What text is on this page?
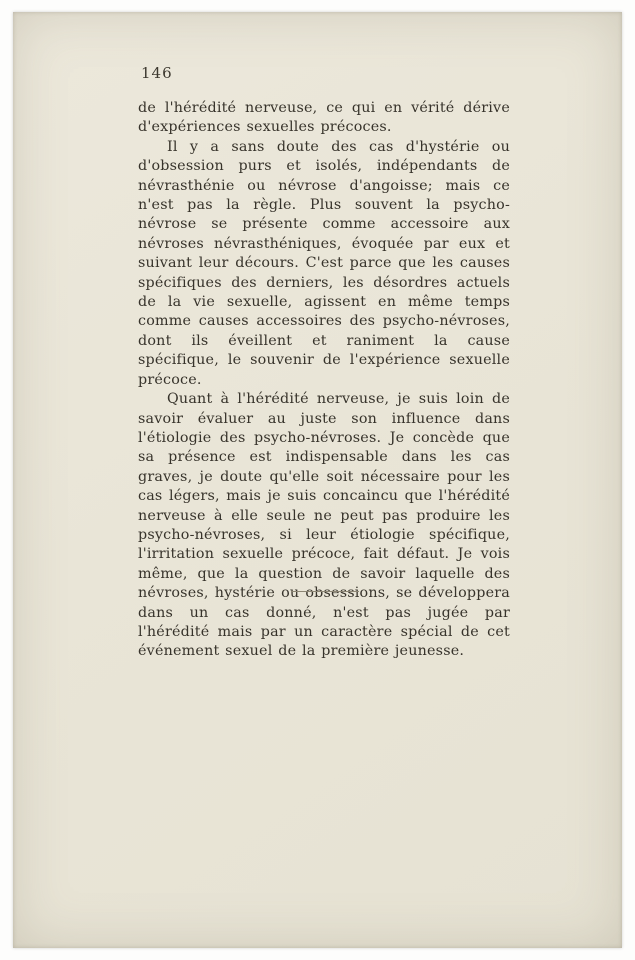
146

de l'hérédité nerveuse, ce qui en vérité dérive d'expériences sexuelles précoces.

Il y a sans doute des cas d'hystérie ou d'obsession purs et isolés, indépendants de névrasthénie ou névrose d'angoisse; mais ce n'est pas la règle. Plus souvent la psycho-névrose se présente comme accessoire aux névroses névrasthéniques, évoquée par eux et suivant leur décours. C'est parce que les causes spécifiques des derniers, les désordres actuels de la vie sexuelle, agissent en même temps comme causes accessoires des psycho-névroses, dont ils éveillent et raniment la cause spécifique, le souvenir de l'expérience sexuelle précoce.

Quant à l'hérédité nerveuse, je suis loin de savoir évaluer au juste son influence dans l'étiologie des psycho-névroses. Je concède que sa présence est indispensable dans les cas graves, je doute qu'elle soit nécessaire pour les cas légers, mais je suis concaincu que l'hérédité nerveuse à elle seule ne peut pas produire les psycho-névroses, si leur étiologie spécifique, l'irritation sexuelle précoce, fait défaut. Je vois même, que la question de savoir laquelle des névroses, hystérie ou obsessions, se développera dans un cas donné, n'est pas jugée par l'hérédité mais par un caractère spécial de cet événement sexuel de la première jeunesse.
